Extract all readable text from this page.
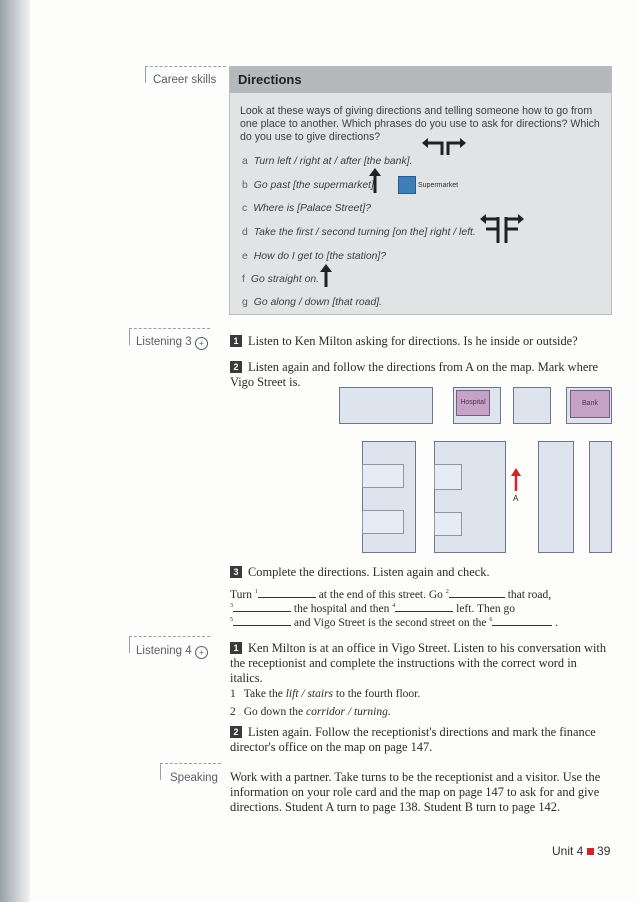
Career skills Directions
Look at these ways of giving directions and telling someone how to go from one place to another. Which phrases do you use to ask for directions? Which do you use to give directions?
a Turn left / right at / after [the bank].
b Go past [the supermarket].
c Where is [Palace Street]?
d Take the first / second turning [on the] right / left.
e How do I get to [the station]?
f Go straight on.
g Go along / down [that road].
Supermarket
Listening 3 +	1 Listen to Ken Milton asking for directions. Is he inside or outside?
2 Listen again and follow the directions from A on the map. Mark where Vigo Street is.
Hospital	Bank
A
3 Complete the directions. Listen again and check.
Turn $^1$	at the end of this street. Go $^2$	that road,
$^3$	the hospital and then $^4$	left. Then go
$^5$	and Vigo Street is the second street on the $^6$	.
Listening 4 +	1 Ken Milton is at an office in Vigo Street. Listen to his conversation with the receptionist and complete the instructions with the correct word in italics.
1 Take the lift / stairs to the fourth floor.
2 Go down the corridor / turning.
2 Listen again. Follow the receptionist's directions and mark the finance director's office on the map on page 147.
Speaking Work with a partner. Take turns to be the receptionist and a visitor. Use the information on your role card and the map on page 147 to ask for and give directions. Student A turn to page 138. Student B turn to page 142.
Unit 4 39
